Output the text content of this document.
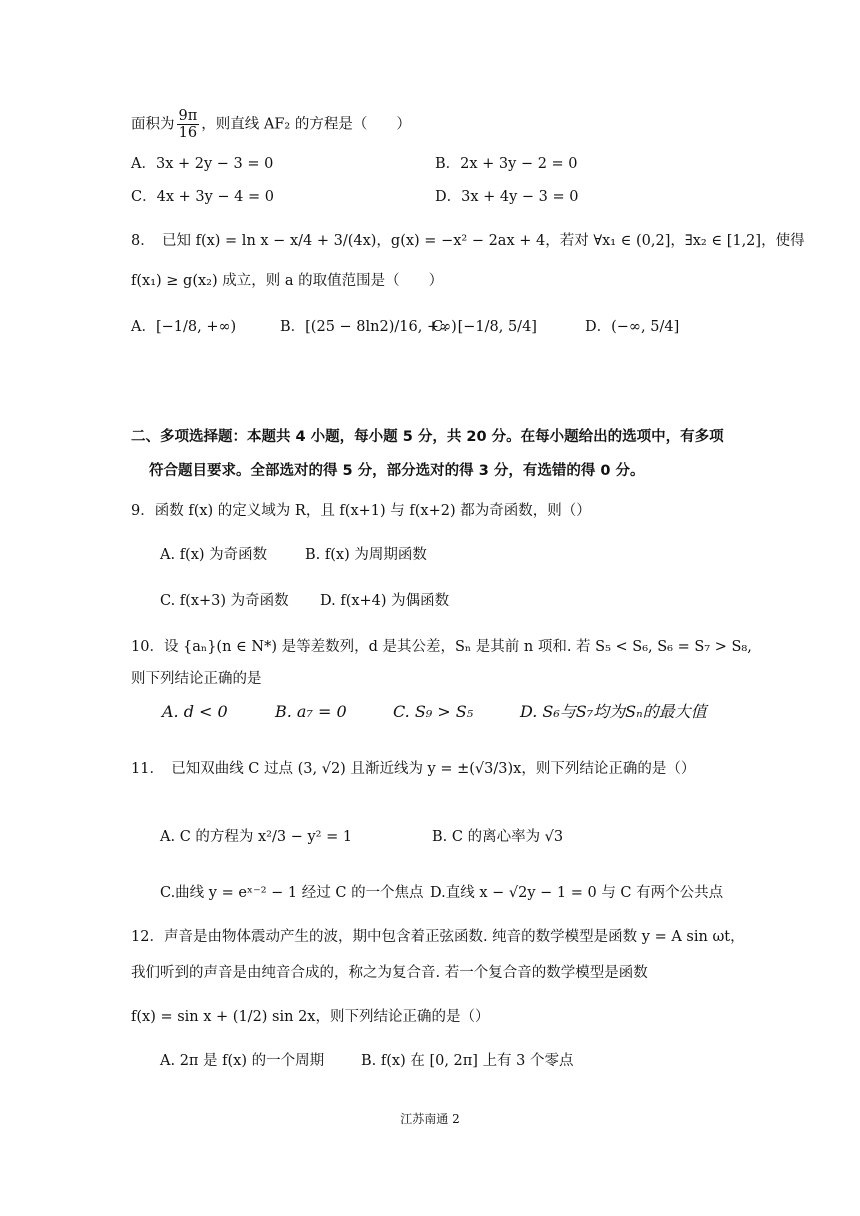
面积为 $\frac{9\pi}{16}$ ，则直线 AF₂ 的方程是（　　）
A．3x + 2y − 3 = 0	B．2x + 3y − 2 = 0
C．4x + 3y − 4 = 0	D．3x + 4y − 3 = 0
8．　已知 f(x) = ln x − x/4 + 3/(4x)，g(x) = −x² − 2ax + 4，若对 ∀x₁ ∈ (0,2]，∃x₂ ∈ [1,2]，使得
f(x₁) ≥ g(x₂) 成立，则 a 的取值范围是（　　）
A．[−1/8, +∞)	B．[(25 − 8ln2)/16, +∞)
C．[−1/8, 5/4]	D．(−∞, 5/4]
二、多项选择题：本题共 4 小题，每小题 5 分，共 20 分。在每小题给出的选项中，有多项
符合题目要求。全部选对的得 5 分，部分选对的得 3 分，有选错的得 0 分。
9．函数 f(x) 的定义域为 R，且 f(x+1) 与 f(x+2) 都为奇函数，则（）
A. f(x) 为奇函数	B. f(x) 为周期函数
C. f(x+3) 为奇函数 D. f(x+4) 为偶函数
10．设 {aₙ}(n ∈ N*) 是等差数列，d 是其公差，Sₙ 是其前 n 项和. 若 S₅ < S₆, S₆ = S₇ > S₈,
则下列结论正确的是
A. d < 0	B. a₇ = 0	C. S₉ > S₅	D. S₆与S₇均为Sₙ的最大值
11．　已知双曲线 C 过点 (3, √2) 且渐近线为 y = ±(√3/3)x，则下列结论正确的是（）
A. C 的方程为 x²/3 − y² = 1	B. C 的离心率为 √3
C.曲线 y = eˣ⁻² − 1 经过 C 的一个焦点 D.直线 x − √2y − 1 = 0 与 C 有两个公共点
12．声音是由物体震动产生的波，期中包含着正弦函数. 纯音的数学模型是函数 y = A sin ωt，
我们听到的声音是由纯音合成的，称之为复合音. 若一个复合音的数学模型是函数
f(x) = sin x + (1/2) sin 2x，则下列结论正确的是（）
A. 2π 是 f(x) 的一个周期	B. f(x) 在 [0, 2π] 上有 3 个零点
江苏南通 2
